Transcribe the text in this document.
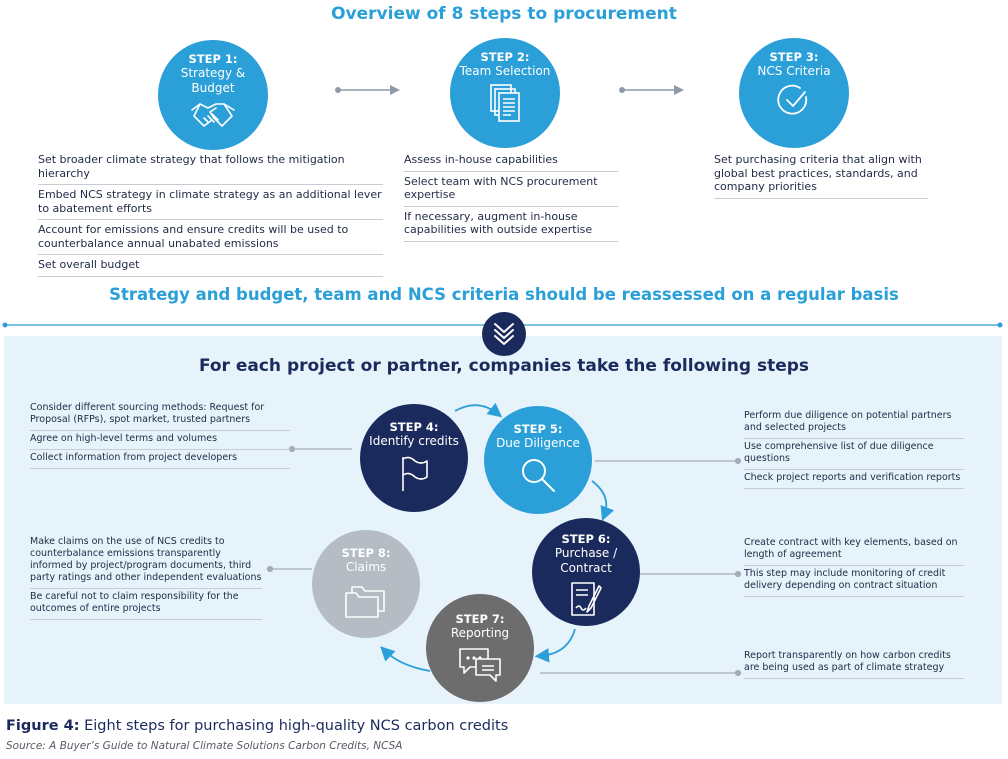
Overview of 8 steps to procurement
STEP 1:
Strategy &
Budget
STEP 2:
Team Selection
STEP 3:
NCS Criteria
Set broader climate strategy that follows the mitigation hierarchy
Embed NCS strategy in climate strategy as an additional lever to abatement efforts
Account for emissions and ensure credits will be used to counterbalance annual unabated emissions
Set overall budget
Assess in-house capabilities
Select team with NCS procurement expertise
If necessary, augment in-house capabilities with outside expertise
Set purchasing criteria that align with global best practices, standards, and company priorities
Strategy and budget, team and NCS criteria should be reassessed on a regular basis
For each project or partner, companies take the following steps
STEP 4:
Identify credits
STEP 5:
Due Diligence
STEP 6:
Purchase /
Contract
STEP 7:
Reporting
STEP 8:
Claims
Consider different sourcing methods: Request for Proposal (RFPs), spot market, trusted partners
Agree on high-level terms and volumes
Collect information from project developers
Perform due diligence on potential partners and selected projects
Use comprehensive list of due diligence questions
Check project reports and verification reports
Create contract with key elements, based on length of agreement
This step may include monitoring of credit delivery depending on contract situation
Report transparently on how carbon credits are being used as part of climate strategy
Make claims on the use of NCS credits to counterbalance emissions transparently informed by project/program documents, third party ratings and other independent evaluations
Be careful not to claim responsibility for the outcomes of entire projects
Figure 4: Eight steps for purchasing high-quality NCS carbon credits
Source: A Buyer’s Guide to Natural Climate Solutions Carbon Credits, NCSA
